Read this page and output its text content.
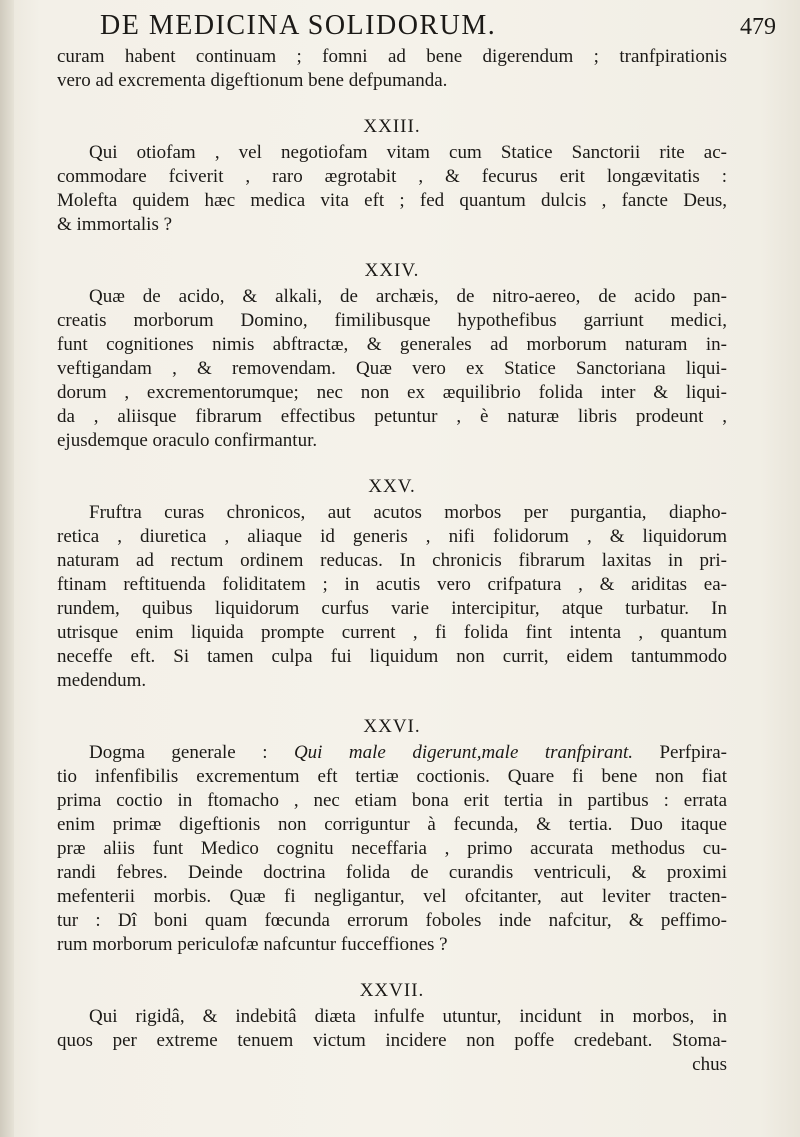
DE MEDICINA SOLIDORUM.	479
curam habent continuam ; fomni ad bene digerendum ; tranfpirationis
vero ad excrementa digeftionum bene defpumanda.
XXIII.
Qui otiofam , vel negotiofam vitam cum Statice Sanctorii rite ac-
commodare fciverit , raro ægrotabit , & fecurus erit longævitatis :
Molefta quidem hæc medica vita eft ; fed quantum dulcis , fancte Deus,
& immortalis ?
XXIV.
Quæ de acido, & alkali, de archæis, de nitro-aereo, de acido pan-
creatis morborum Domino, fimilibusque hypothefibus garriunt medici,
funt cognitiones nimis abftractæ, & generales ad morborum naturam in-
veftigandam , & removendam. Quæ vero ex Statice Sanctoriana liqui-
dorum , excrementorumque; nec non ex æquilibrio folida inter & liqui-
da , aliisque fibrarum effectibus petuntur , è naturæ libris prodeunt ,
ejusdemque oraculo confirmantur.
XXV.
Fruftra curas chronicos, aut acutos morbos per purgantia, diapho-
retica , diuretica , aliaque id generis , nifi folidorum , & liquidorum
naturam ad rectum ordinem reducas. In chronicis fibrarum laxitas in pri-
ftinam reftituenda foliditatem ; in acutis vero crifpatura , & ariditas ea-
rundem, quibus liquidorum curfus varie intercipitur, atque turbatur. In
utrisque enim liquida prompte current , fi folida fint intenta , quantum
neceffe eft. Si tamen culpa fui liquidum non currit, eidem tantummodo
medendum.
XXVI.
Dogma generale : Qui male digerunt,male tranfpirant. Perfpira-
tio infenfibilis excrementum eft tertiæ coctionis. Quare fi bene non fiat
prima coctio in ftomacho , nec etiam bona erit tertia in partibus : errata
enim primæ digeftionis non corriguntur à fecunda, & tertia. Duo itaque
præ aliis funt Medico cognitu neceffaria , primo accurata methodus cu-
randi febres. Deinde doctrina folida de curandis ventriculi, & proximi
mefenterii morbis. Quæ fi negligantur, vel ofcitanter, aut leviter tracten-
tur : Dî boni quam fœcunda errorum foboles inde nafcitur, & peffimo-
rum morborum periculofæ nafcuntur fucceffiones ?
XXVII.
Qui rigidâ, & indebitâ diæta infulfe utuntur, incidunt in morbos, in
quos per extreme tenuem victum incidere non poffe credebant. Stoma-
chus
